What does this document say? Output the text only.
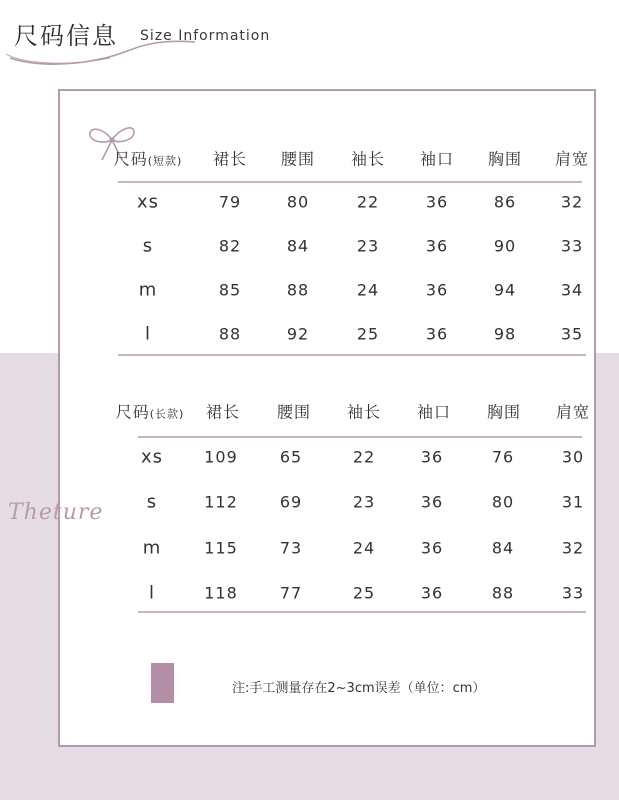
尺码信息 Size Information
Theture
尺码(短款) 裙长 腰围 袖长 袖口 胸围 肩宽
xs	79	80	22	36	86	32
s	82	84	23	36	90	33
m	85	88	24	36	94	34
l	88	92	25	36	98	35
尺码(长款) 裙长 腰围 袖长 袖口 胸围 肩宽
xs	109	65	22	36	76	30
s	112	69	23	36	80	31
m	115	73	24	36	84	32
l	118	77	25	36	88	33
注:手工测量存在2~3cm误差（单位：cm）
